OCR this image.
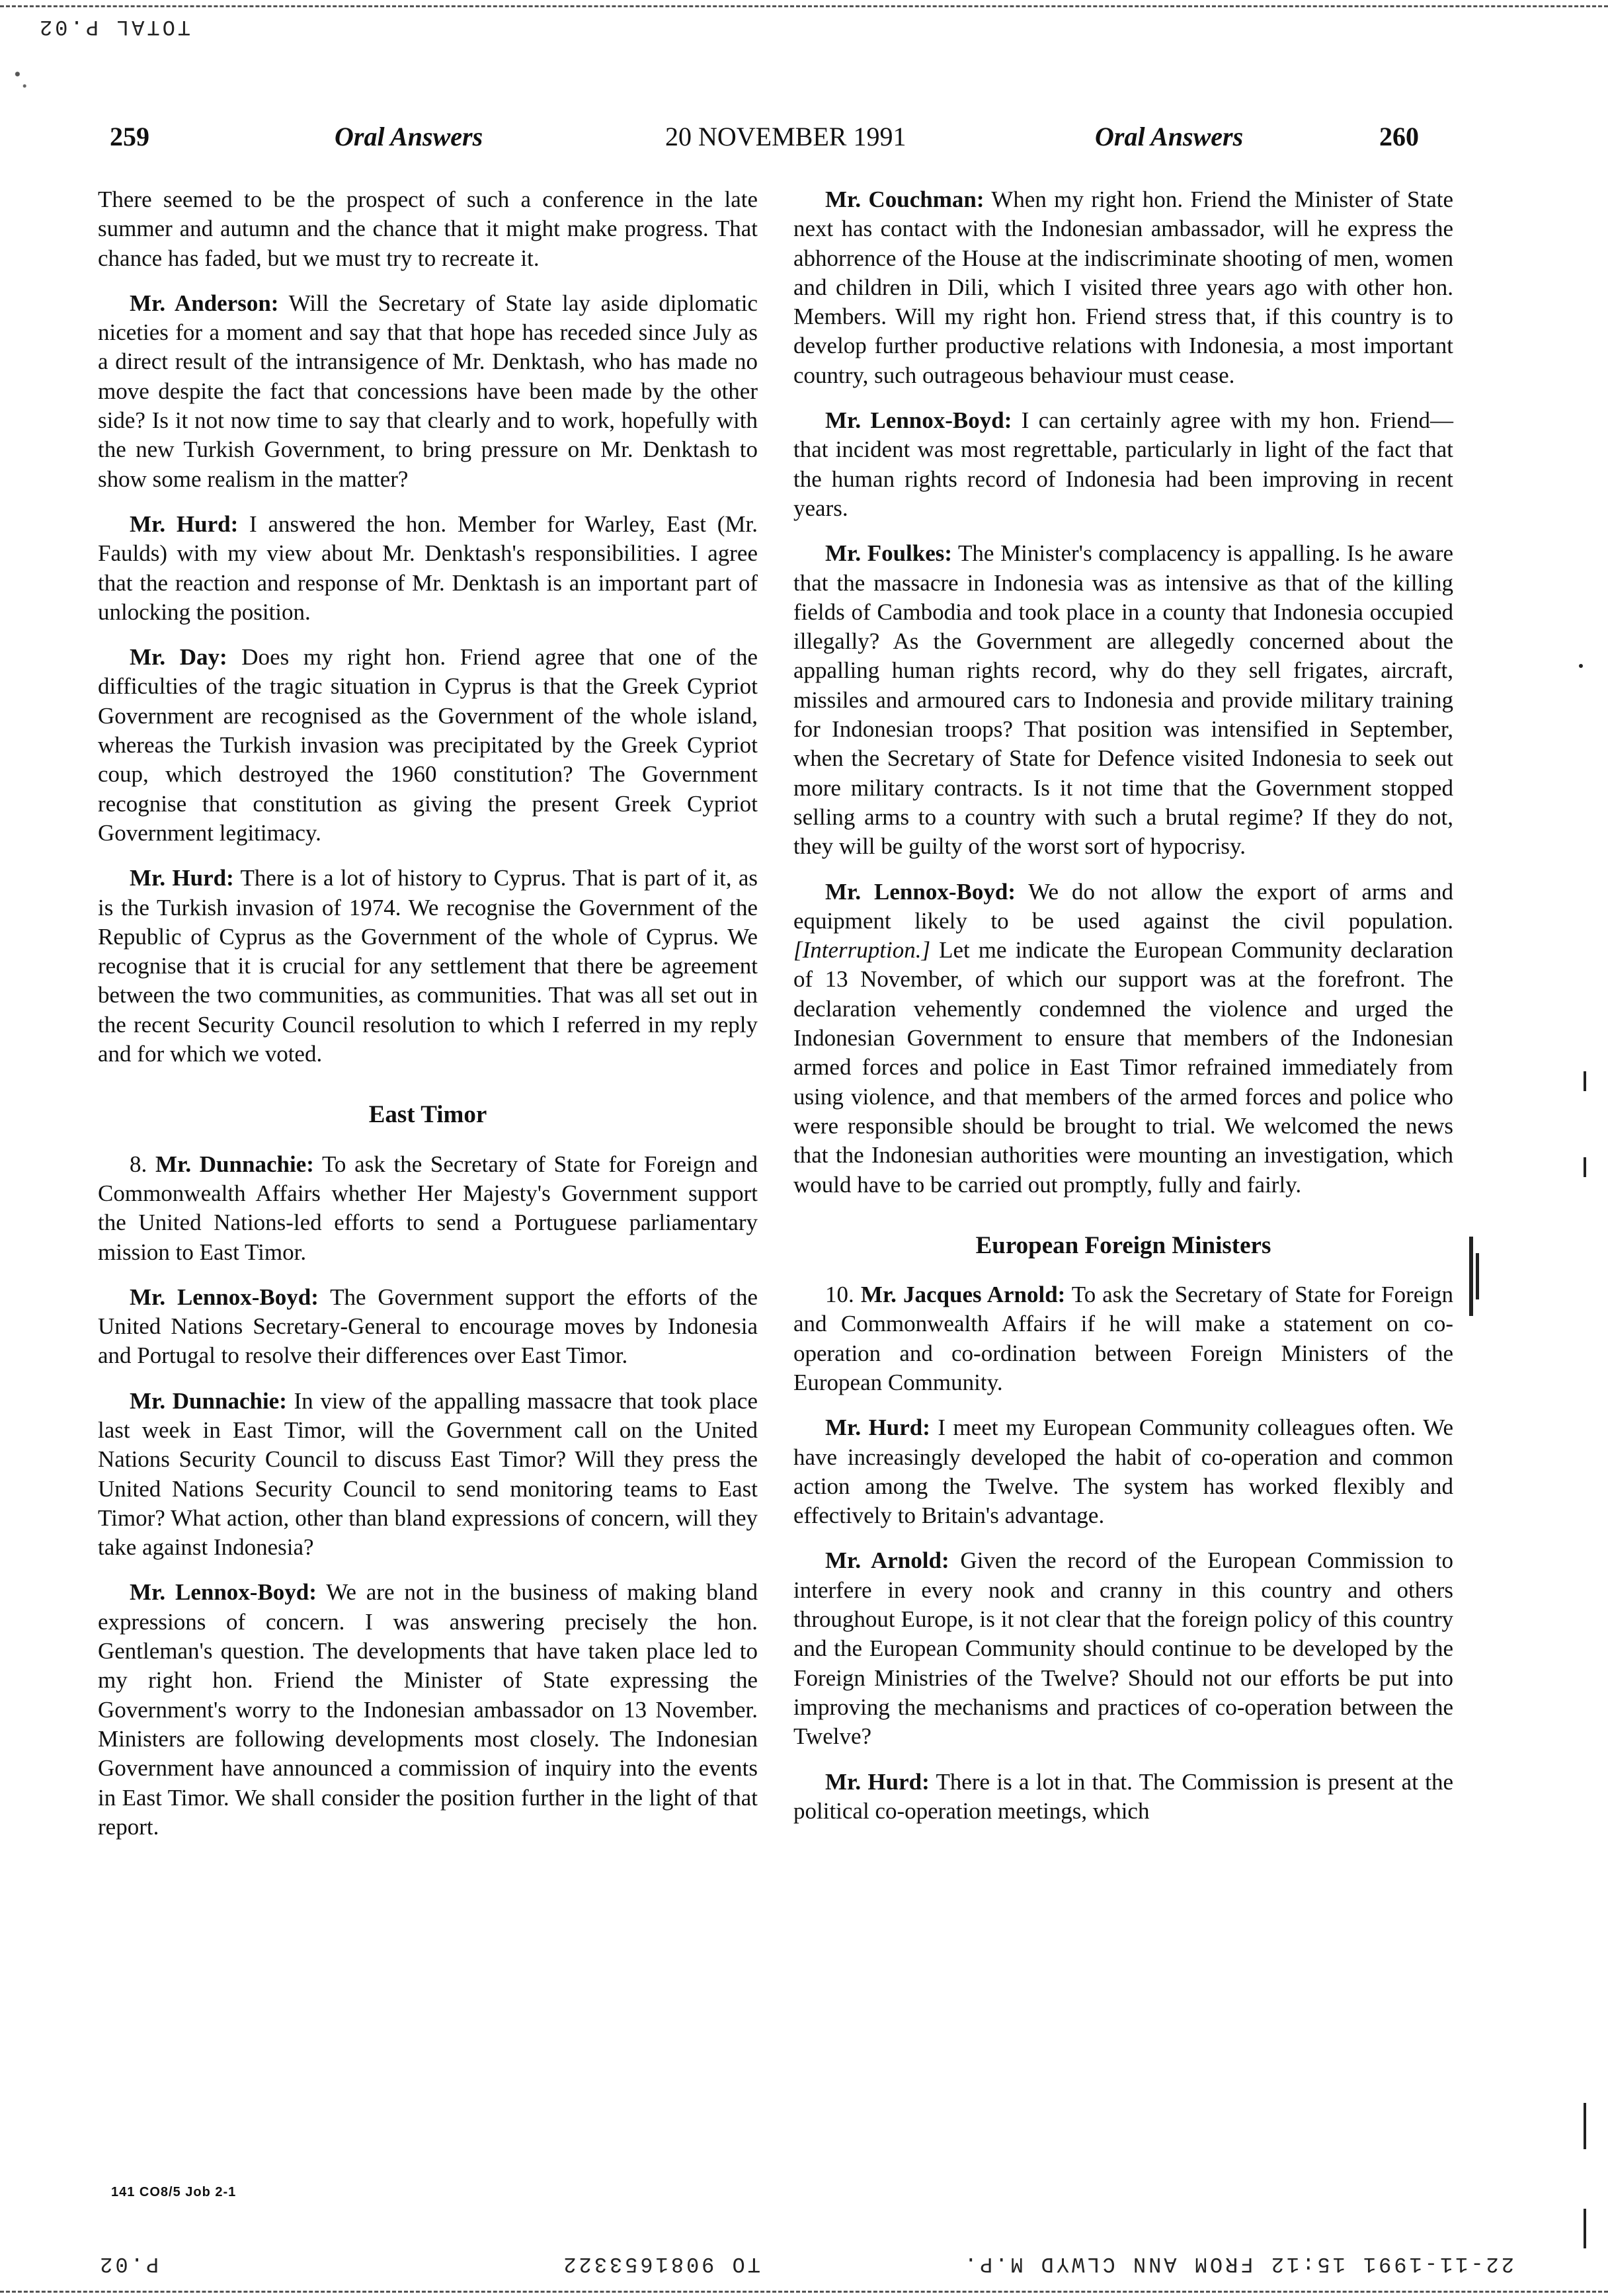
TOTAL P.02
259	Oral Answers	20 NOVEMBER 1991	Oral Answers	260

There seemed to be the prospect of such a conference in the late summer and autumn and the chance that it might make progress. That chance has faded, but we must try to recreate it.

Mr. Anderson: Will the Secretary of State lay aside diplomatic niceties for a moment and say that that hope has receded since July as a direct result of the intransigence of Mr. Denktash, who has made no move despite the fact that concessions have been made by the other side? Is it not now time to say that clearly and to work, hopefully with the new Turkish Government, to bring pressure on Mr. Denktash to show some realism in the matter?

Mr. Hurd: I answered the hon. Member for Warley, East (Mr. Faulds) with my view about Mr. Denktash's responsibilities. I agree that the reaction and response of Mr. Denktash is an important part of unlocking the position.

Mr. Day: Does my right hon. Friend agree that one of the difficulties of the tragic situation in Cyprus is that the Greek Cypriot Government are recognised as the Government of the whole island, whereas the Turkish invasion was precipitated by the Greek Cypriot coup, which destroyed the 1960 constitution? The Government recognise that constitution as giving the present Greek Cypriot Government legitimacy.

Mr. Hurd: There is a lot of history to Cyprus. That is part of it, as is the Turkish invasion of 1974. We recognise the Government of the Republic of Cyprus as the Government of the whole of Cyprus. We recognise that it is crucial for any settlement that there be agreement between the two communities, as communities. That was all set out in the recent Security Council resolution to which I referred in my reply and for which we voted.

East Timor

8. Mr. Dunnachie: To ask the Secretary of State for Foreign and Commonwealth Affairs whether Her Majesty's Government support the United Nations-led efforts to send a Portuguese parliamentary mission to East Timor.

Mr. Lennox-Boyd: The Government support the efforts of the United Nations Secretary-General to encourage moves by Indonesia and Portugal to resolve their differences over East Timor.

Mr. Dunnachie: In view of the appalling massacre that took place last week in East Timor, will the Government call on the United Nations Security Council to discuss East Timor? Will they press the United Nations Security Council to send monitoring teams to East Timor? What action, other than bland expressions of concern, will they take against Indonesia?

Mr. Lennox-Boyd: We are not in the business of making bland expressions of concern. I was answering precisely the hon. Gentleman's question. The developments that have taken place led to my right hon. Friend the Minister of State expressing the Government's worry to the Indonesian ambassador on 13 November. Ministers are following developments most closely. The Indonesian Government have announced a commission of inquiry into the events in East Timor. We shall consider the position further in the light of that report.

Mr. Couchman: When my right hon. Friend the Minister of State next has contact with the Indonesian ambassador, will he express the abhorrence of the House at the indiscriminate shooting of men, women and children in Dili, which I visited three years ago with other hon. Members. Will my right hon. Friend stress that, if this country is to develop further productive relations with Indonesia, a most important country, such outrageous behaviour must cease.

Mr. Lennox-Boyd: I can certainly agree with my hon. Friend—that incident was most regrettable, particularly in light of the fact that the human rights record of Indonesia had been improving in recent years.

Mr. Foulkes: The Minister's complacency is appalling. Is he aware that the massacre in Indonesia was as intensive as that of the killing fields of Cambodia and took place in a county that Indonesia occupied illegally? As the Government are allegedly concerned about the appalling human rights record, why do they sell frigates, aircraft, missiles and armoured cars to Indonesia and provide military training for Indonesian troops? That position was intensified in September, when the Secretary of State for Defence visited Indonesia to seek out more military contracts. Is it not time that the Government stopped selling arms to a country with such a brutal regime? If they do not, they will be guilty of the worst sort of hypocrisy.

Mr. Lennox-Boyd: We do not allow the export of arms and equipment likely to be used against the civil population. [Interruption.] Let me indicate the European Community declaration of 13 November, of which our support was at the forefront. The declaration vehemently condemned the violence and urged the Indonesian Government to ensure that members of the Indonesian armed forces and police in East Timor refrained immediately from using violence, and that members of the armed forces and police who were responsible should be brought to trial. We welcomed the news that the Indonesian authorities were mounting an investigation, which would have to be carried out promptly, fully and fairly.

European Foreign Ministers

10. Mr. Jacques Arnold: To ask the Secretary of State for Foreign and Commonwealth Affairs if he will make a statement on co-operation and co-ordination between Foreign Ministers of the European Community.

Mr. Hurd: I meet my European Community colleagues often. We have increasingly developed the habit of co-operation and common action among the Twelve. The system has worked flexibly and effectively to Britain's advantage.

Mr. Arnold: Given the record of the European Commission to interfere in every nook and cranny in this country and others throughout Europe, is it not clear that the foreign policy of this country and the European Community should continue to be developed by the Foreign Ministries of the Twelve? Should not our efforts be put into improving the mechanisms and practices of co-operation between the Twelve?

Mr. Hurd: There is a lot in that. The Commission is present at the political co-operation meetings, which

141 CO8/5 Job 2-1
22-11-1991 15:12 FROM ANN CLWYD M.P.
TO 9081653322
P.02
